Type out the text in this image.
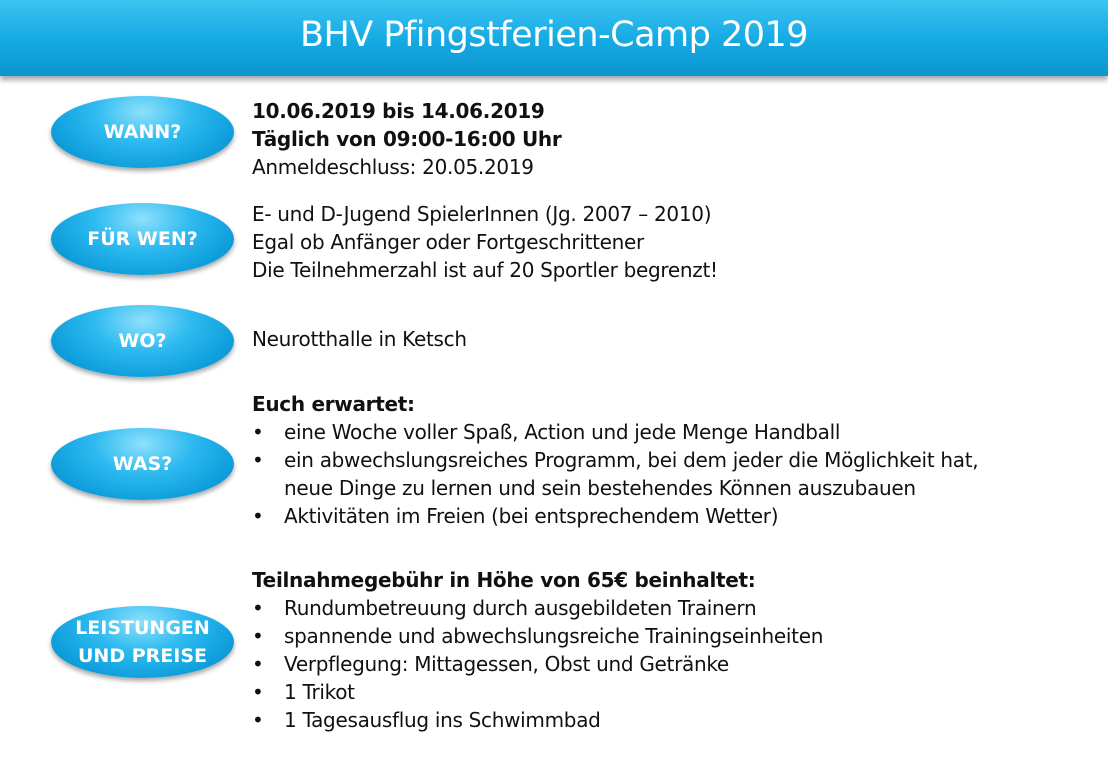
BHV Pfingstferien-Camp 2019
WANN?
10.06.2019 bis 14.06.2019
Täglich von 09:00-16:00 Uhr
Anmeldeschluss: 20.05.2019
FÜR WEN?
E- und D-Jugend SpielerInnen (Jg. 2007 – 2010)
Egal ob Anfänger oder Fortgeschrittener
Die Teilnehmerzahl ist auf 20 Sportler begrenzt!
WO?	Neurotthalle in Ketsch
WAS?
Euch erwartet:
• eine Woche voller Spaß, Action und jede Menge Handball
• ein abwechslungsreiches Programm, bei dem jeder die Möglichkeit hat,
neue Dinge zu lernen und sein bestehendes Können auszubauen
• Aktivitäten im Freien (bei entsprechendem Wetter)
LEISTUNGEN
UND PREISE
Teilnahmegebühr in Höhe von 65€ beinhaltet:
• Rundumbetreuung durch ausgebildeten Trainern
• spannende und abwechslungsreiche Trainingseinheiten
• Verpflegung: Mittagessen, Obst und Getränke
• 1 Trikot
• 1 Tagesausflug ins Schwimmbad
